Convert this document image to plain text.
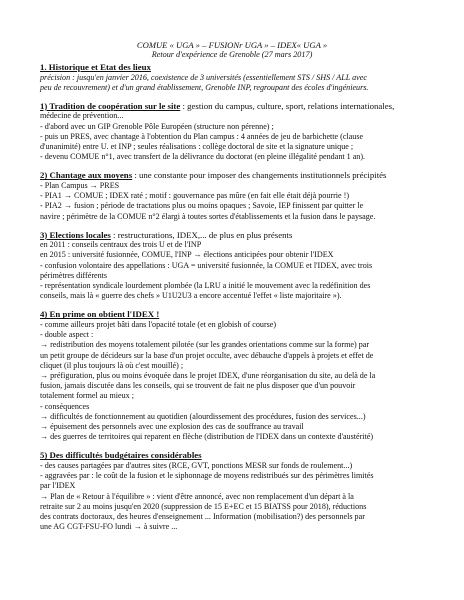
COMUE « UGA » – FUSIONr UGA » – IDEX« UGA »
Retour d'expérience de Grenoble (27 mars 2017)
1. Historique et Etat des lieux
précision : jusqu'en janvier 2016, coexistence de 3 universités (essentiellement STS / SHS / ALL avec
peu de recouvrement) et d'un grand établissement, Grenoble INP, regroupant des écoles d'ingénieurs.
1) Tradition de coopération sur le site : gestion du campus, culture, sport, relations internationales,
médecine de prévention...
- d'abord avec un GIP Grenoble Pôle Européen (structure non pérenne) ;
- puis un PRES, avec chantage à l'obtention du Plan campus : 4 années de jeu de barbichette (clause
d'unanimité) entre U. et INP ; seules réalisations : collège doctoral de site et la signature unique ;
- devenu COMUE n°1, avec transfert de la délivrance du doctorat (en pleine illégalité pendant 1 an).
2) Chantage aux moyens : une constante pour imposer des changements institutionnels précipités
- Plan Campus → PRES
- PIA1 → COMUE ; IDEX raté ; motif : gouvernance pas mûre (en fait elle était déjà pourrie !)
- PIA2 → fusion ; période de tractations plus ou moins opaques ; Savoie, IEP finissent par quitter le
navire ; périmètre de la COMUE n°2 élargi à toutes sortes d'établissements et la fusion dans le paysage.
3) Elections locales : restructurations, IDEX,... de plus en plus présents
en 2011 : conseils centraux des trois U et de l'INP
en 2015 : université fusionnée, COMUE, l'INP → élections anticipées pour obtenir l'IDEX
- confusion volontaire des appellations : UGA = université fusionnée, la COMUE et l'IDEX, avec trois
périmètres différents
- représentation syndicale lourdement plombée (la LRU a initié le mouvement avec la redéfinition des
conseils, mais là « guerre des chefs » U1U2U3 a encore accentué l'effet « liste majoritaire »).
4) En prime on obtient l'IDEX !
- comme ailleurs projet bâti dans l'opacité totale (et en globish of course)
- double aspect :
→ redistribution des moyens totalement pilotée (sur les grandes orientations comme sur la forme) par
un petit groupe de décideurs sur la base d'un projet occulte, avec débauche d'appels à projets et effet de
cliquet (il plus toujours là où c'est mouillé) ;
→ préfiguration, plus ou moins évoquée dans le projet IDEX, d'une réorganisation du site, au delà de la
fusion, jamais discutée dans les conseils, qui se trouvent de fait ne plus disposer que d'un pouvoir
totalement formel au mieux ;
- conséquences
→ difficultés de fonctionnement au quotidien (alourdissement des procédures, fusion des services...)
→ épuisement des personnels avec une explosion des cas de souffrance au travail
→ des guerres de territoires qui reparent en flèche (distribution de l'IDEX dans un contexte d'austérité)
5) Des difficultés budgétaires considérables
- des causes partagées par d'autres sites (RCE, GVT, ponctions MESR sur fonds de roulement...)
- aggravées par : le coût de la fusion et le siphonnage de moyens redistribués sur des périmètres limités
par l'IDEX
→ Plan de « Retour à l'équilibre » : vient d'être annoncé, avec non remplacement d'un départ à la
retraite sur 2 au moins jusqu'en 2020 (suppression de 15 E+EC et 15 BIATSS pour 2018), réductions
des contrats doctoraux, des heures d'enseignement ... Information (mobilisation?) des personnels par
une AG CGT-FSU-FO lundi → à suivre ...
